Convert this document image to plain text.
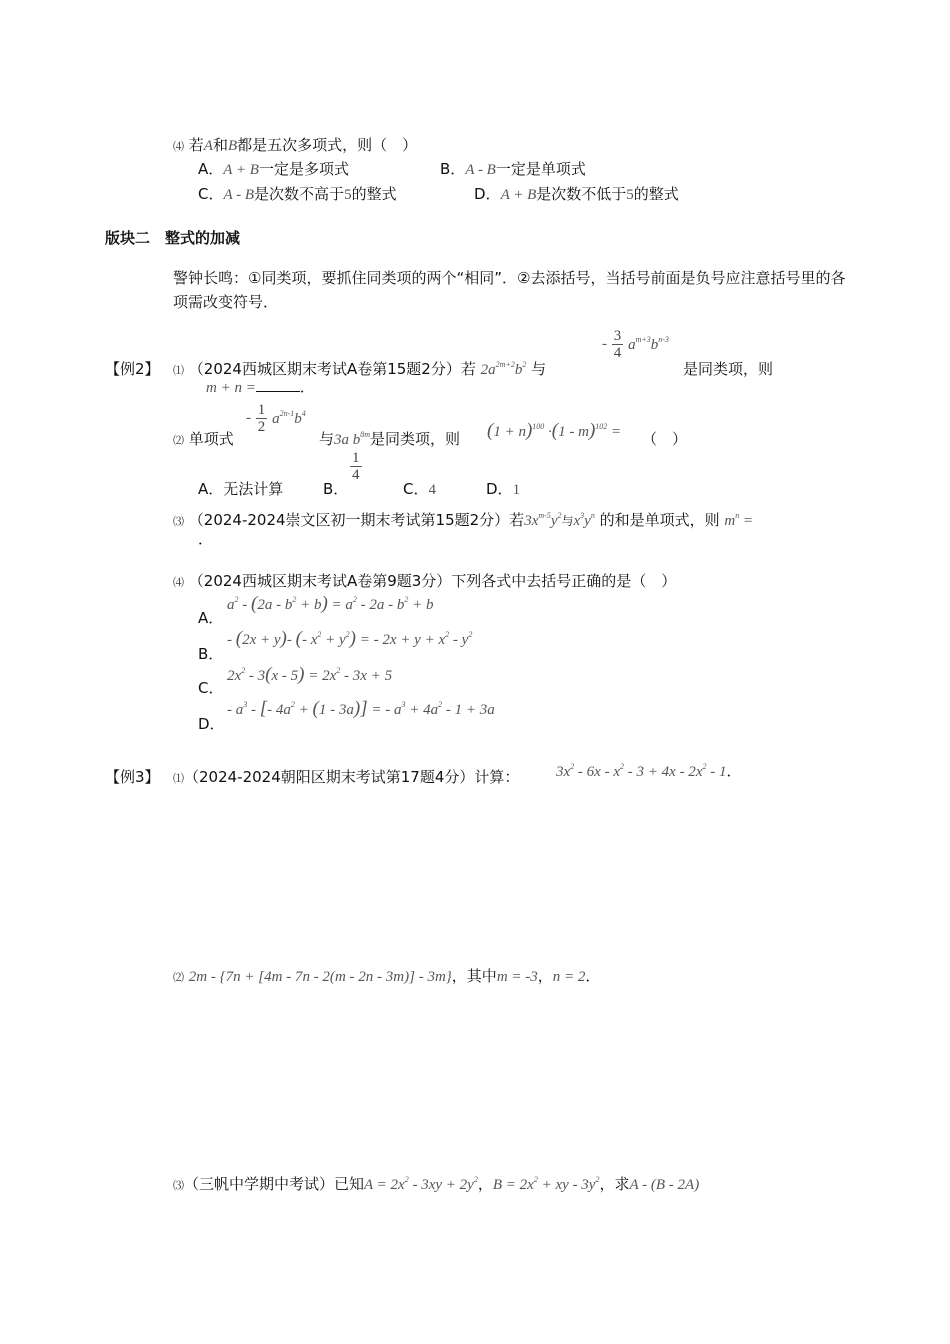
⑷ 若A和B都是五次多项式，则（　）
A．A + B一定是多项式	B．A - B一定是单项式
C．A - B是次数不高于5的整式	D．A + B是次数不低于5的整式
版块二　整式的加减
警钟长鸣：①同类项，要抓住同类项的两个“相同”．②去添括号，当括号前面是负号应注意括号里的各项需改变符号．
【例2】 ⑴ （2024西城区期末考试A卷第15题2分）若 $2a^{2m+2}b^2$ 与
- $\frac{3}{4} a^{m+3}b^{n-3}$
是同类项，则
m + n =	．
⑵ 单项式
- $\frac{1}{2} a^{2n-1}b^4$
与3a $b^{8m}$是同类项，则 $(1 + n)^{100} \cdot(1 - m)^{102}$ = （　）
A．无法计算	B．
$\frac{1}{4}$
C．4	D．1
⑶ （2024-2024崇文区初一期末考试第15题2分）若$3x^{m-5}y^2$与$x^3y^n$ 的和是单项式，则 $m^n$ =
．
⑷ （2024西城区期末考试A卷第9题3分）下列各式中去括号正确的是（　）
A．
$a^2 - (2a - b^2 + b) = a^2 - 2a - b^2 + b$
B．
- (2x + y)- (- $x^2 + y^2$) = - $2x + y + x^2 - y^2$
C．
$2x^2 - 3(x - 5) = 2x^2 - 3x + 5$
D．
- $a^3$ - [- $4a^2 + (1 - 3a)$] = - $a^3 + 4a^2 - 1 + 3a$
【例3】 ⑴（2024-2024朝阳区期末考试第17题4分）计算： $3x^2 - 6x - x^2 - 3 + 4x - 2x^2 - 1$．
⑵ 2m - {7n + [4m - 7n - 2(m - 2n - 3m)] - 3m}，其中m = -3，n = 2．
⑶（三帆中学期中考试）已知$A = 2x^2 - 3xy + 2y^2$，$B = 2x^2$ + xy - $3y^2$，求A - (B - 2A)
